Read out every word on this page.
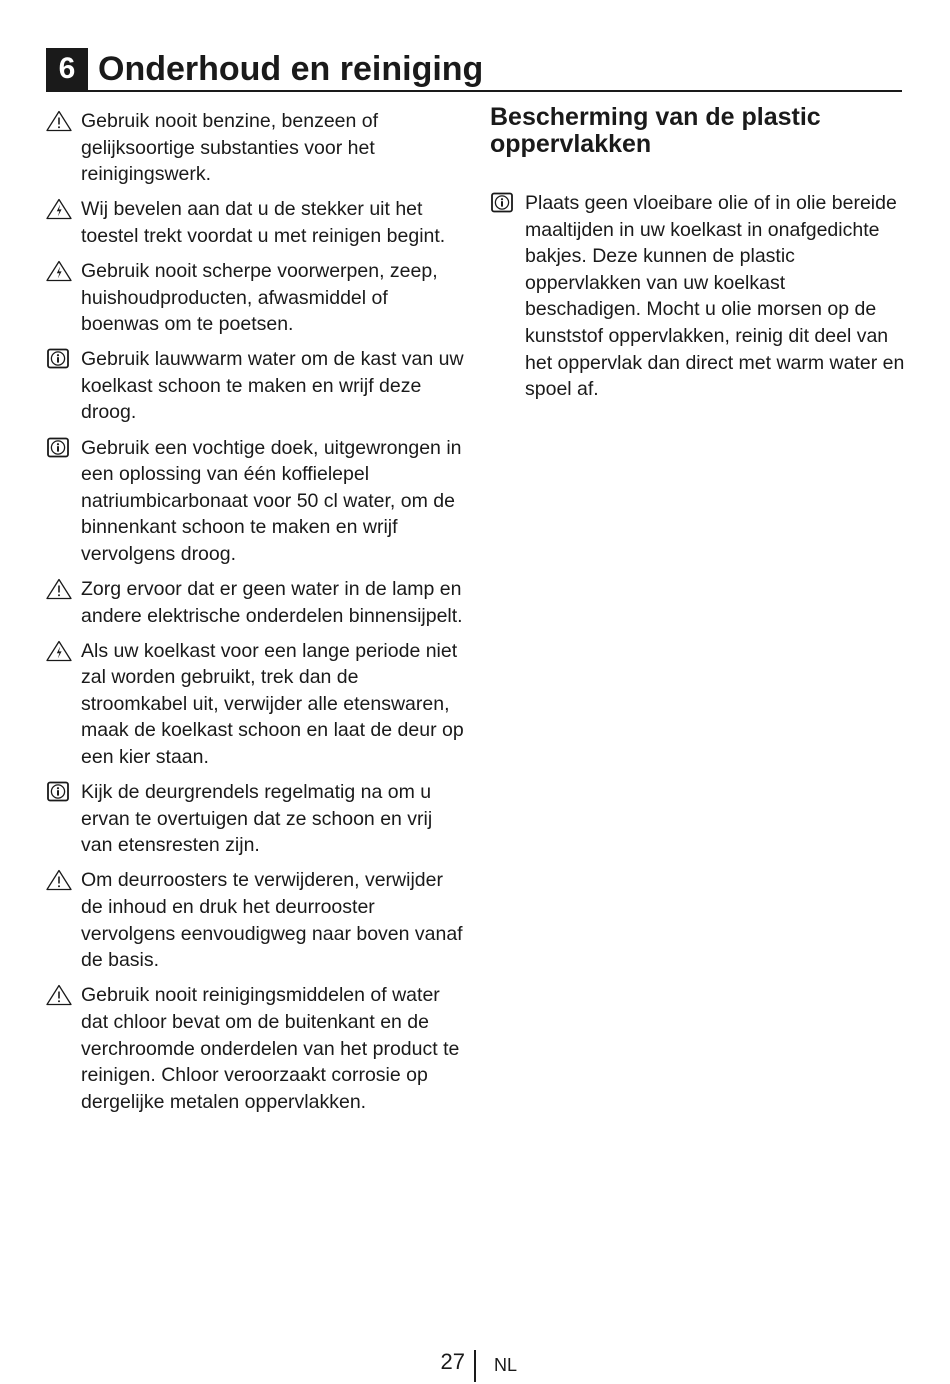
6 Onderhoud en reiniging

Gebruik nooit benzine, benzeen of gelijksoortige substanties voor het reinigingswerk.

Wij bevelen aan dat u de stekker uit het toestel trekt voordat u met reinigen begint.

Gebruik nooit scherpe voorwerpen, zeep, huishoudproducten, afwasmiddel of boenwas om te poetsen.

Gebruik lauwwarm water om de kast van uw koelkast schoon te maken en wrijf deze droog.

Gebruik een vochtige doek, uitgewrongen in een oplossing van één koffielepel natriumbicarbonaat voor 50 cl water, om de binnenkant schoon te maken en wrijf vervolgens droog.

Zorg ervoor dat er geen water in de lamp en andere elektrische onderdelen binnensijpelt.

Als uw koelkast voor een lange periode niet zal worden gebruikt, trek dan de stroomkabel uit, verwijder alle etenswaren, maak de koelkast schoon en laat de deur op een kier staan.

Kijk de deurgrendels regelmatig na om u ervan te overtuigen dat ze schoon en vrij van etensresten zijn.

Om deurroosters te verwijderen, verwijder de inhoud en druk het deurrooster vervolgens eenvoudigweg naar boven vanaf de basis.

Gebruik nooit reinigingsmiddelen of water dat chloor bevat om de buitenkant en de verchroomde onderdelen van het product te reinigen. Chloor veroorzaakt corrosie op dergelijke metalen oppervlakken.

Bescherming van de plastic oppervlakken

Plaats geen vloeibare olie of in olie bereide maaltijden in uw koelkast in onafgedichte bakjes. Deze kunnen de plastic oppervlakken van uw koelkast beschadigen. Mocht u olie morsen op de kunststof oppervlakken, reinig dit deel van het oppervlak dan direct met warm water en spoel af.

27 NL
